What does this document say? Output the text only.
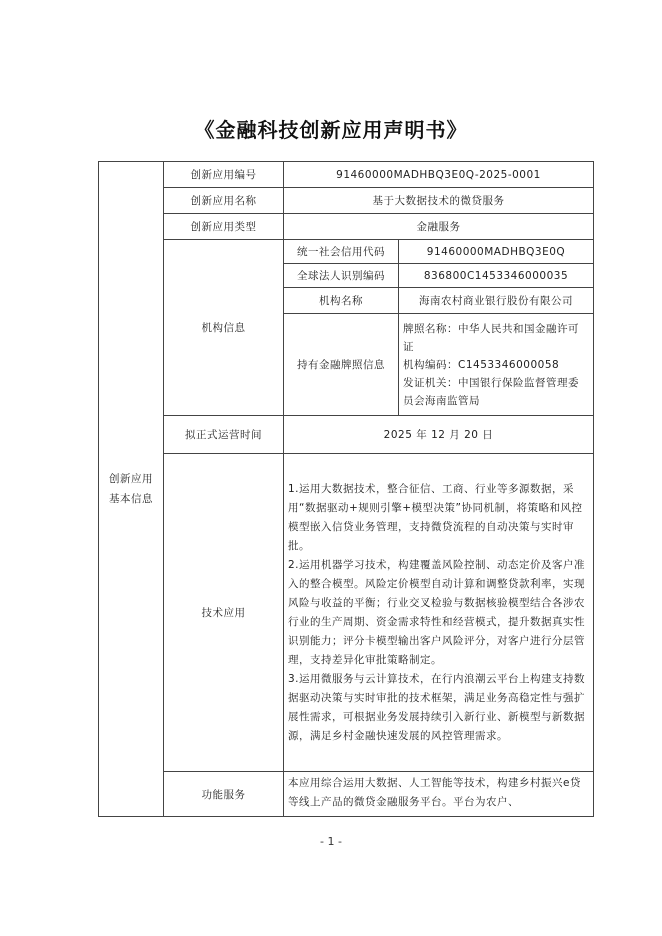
《金融科技创新应用声明书》
创新应用基本信息	创新应用编号	91460000MADHBQ3E0Q-2025-0001	
	创新应用名称	基于大数据技术的微贷服务	
	创新应用类型	金融服务	
	机构信息	统一社会信用代码	91460000MADHBQ3E0Q
		全球法人识别编码	836800C1453346000035
		机构名称	海南农村商业银行股份有限公司
		持有金融牌照信息	牌照名称：中华人民共和国金融许可证
机构编码：C1453346000058
发证机关：中国银行保险监督管理委员会海南监管局

	拟正式运营时间	2025 年 12 月 20 日	
	技术应用	1.运用大数据技术，整合征信、工商、行业等多源数据，采用“数据驱动+规则引擎+模型决策”协同机制，将策略和风控模型嵌入信贷业务管理，支持微贷流程的自动决策与实时审批。
2.运用机器学习技术，构建覆盖风险控制、动态定价及客户准入的整合模型。风险定价模型自动计算和调整贷款利率，实现风险与收益的平衡；行业交叉检验与数据核验模型结合各涉农行业的生产周期、资金需求特性和经营模式，提升数据真实性识别能力；评分卡模型输出客户风险评分，对客户进行分层管理，支持差异化审批策略制定。
3.运用微服务与云计算技术，在行内浪潮云平台上构建支持数据驱动决策与实时审批的技术框架，满足业务高稳定性与强扩展性需求，可根据业务发展持续引入新行业、新模型与新数据源，满足乡村金融快速发展的风控管理需求。	

	功能服务	本应用综合运用大数据、人工智能等技术，构建乡村振兴e贷等线上产品的微贷金融服务平台。平台为农户、	
- 1 -
